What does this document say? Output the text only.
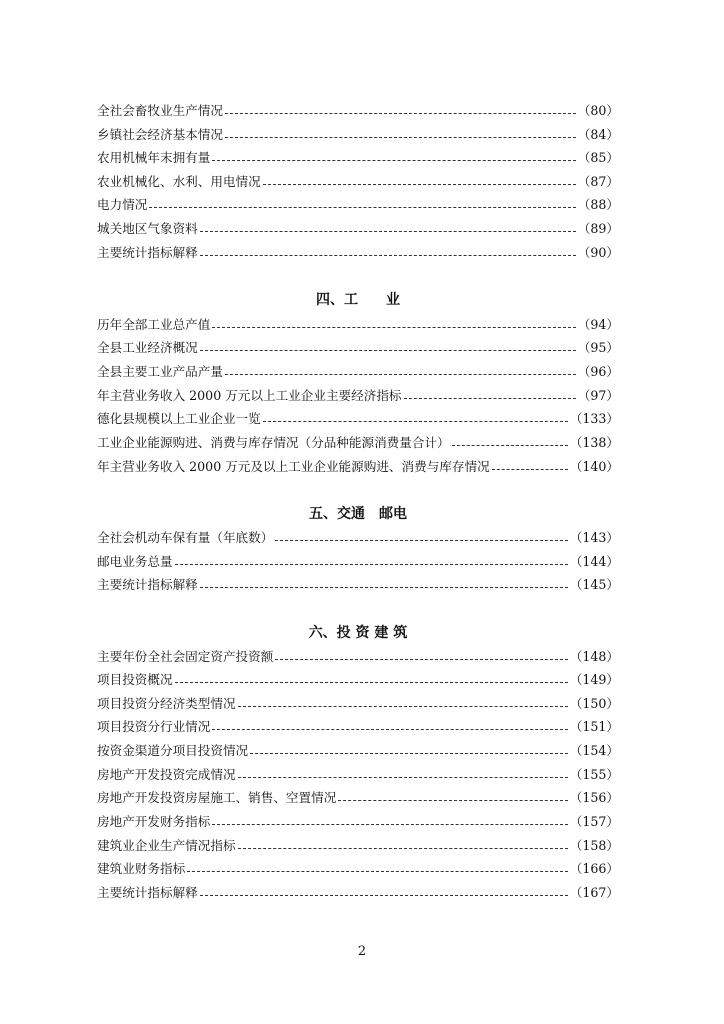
全社会畜牧业生产情况	（80）
乡镇社会经济基本情况	（84）
农用机械年末拥有量	（85）
农业机械化、水利、用电情况	（87）
电力情况	（88）
城关地区气象资料	（89）
主要统计指标解释	（90）
四、工　　业
历年全部工业总产值	（94）
全县工业经济概况	（95）
全县主要工业产品产量	（96）
年主营业务收入 2000 万元以上工业企业主要经济指标	（97）
德化县规模以上工业企业一览	（133）
工业企业能源购进、消费与库存情况（分品种能源消费量合计）	（138）
年主营业务收入 2000 万元及以上工业企业能源购进、消费与库存情况	（140）
五、交通　邮电
全社会机动车保有量（年底数）	（143）
邮电业务总量	（144）
主要统计指标解释	（145）
六、投 资 建 筑
主要年份全社会固定资产投资额	（148）
项目投资概况	（149）
项目投资分经济类型情况	（150）
项目投资分行业情况	（151）
按资金渠道分项目投资情况	（154）
房地产开发投资完成情况	（155）
房地产开发投资房屋施工、销售、空置情况	（156）
房地产开发财务指标	（157）
建筑业企业生产情况指标	（158）
建筑业财务指标	（166）
主要统计指标解释	（167）
2
